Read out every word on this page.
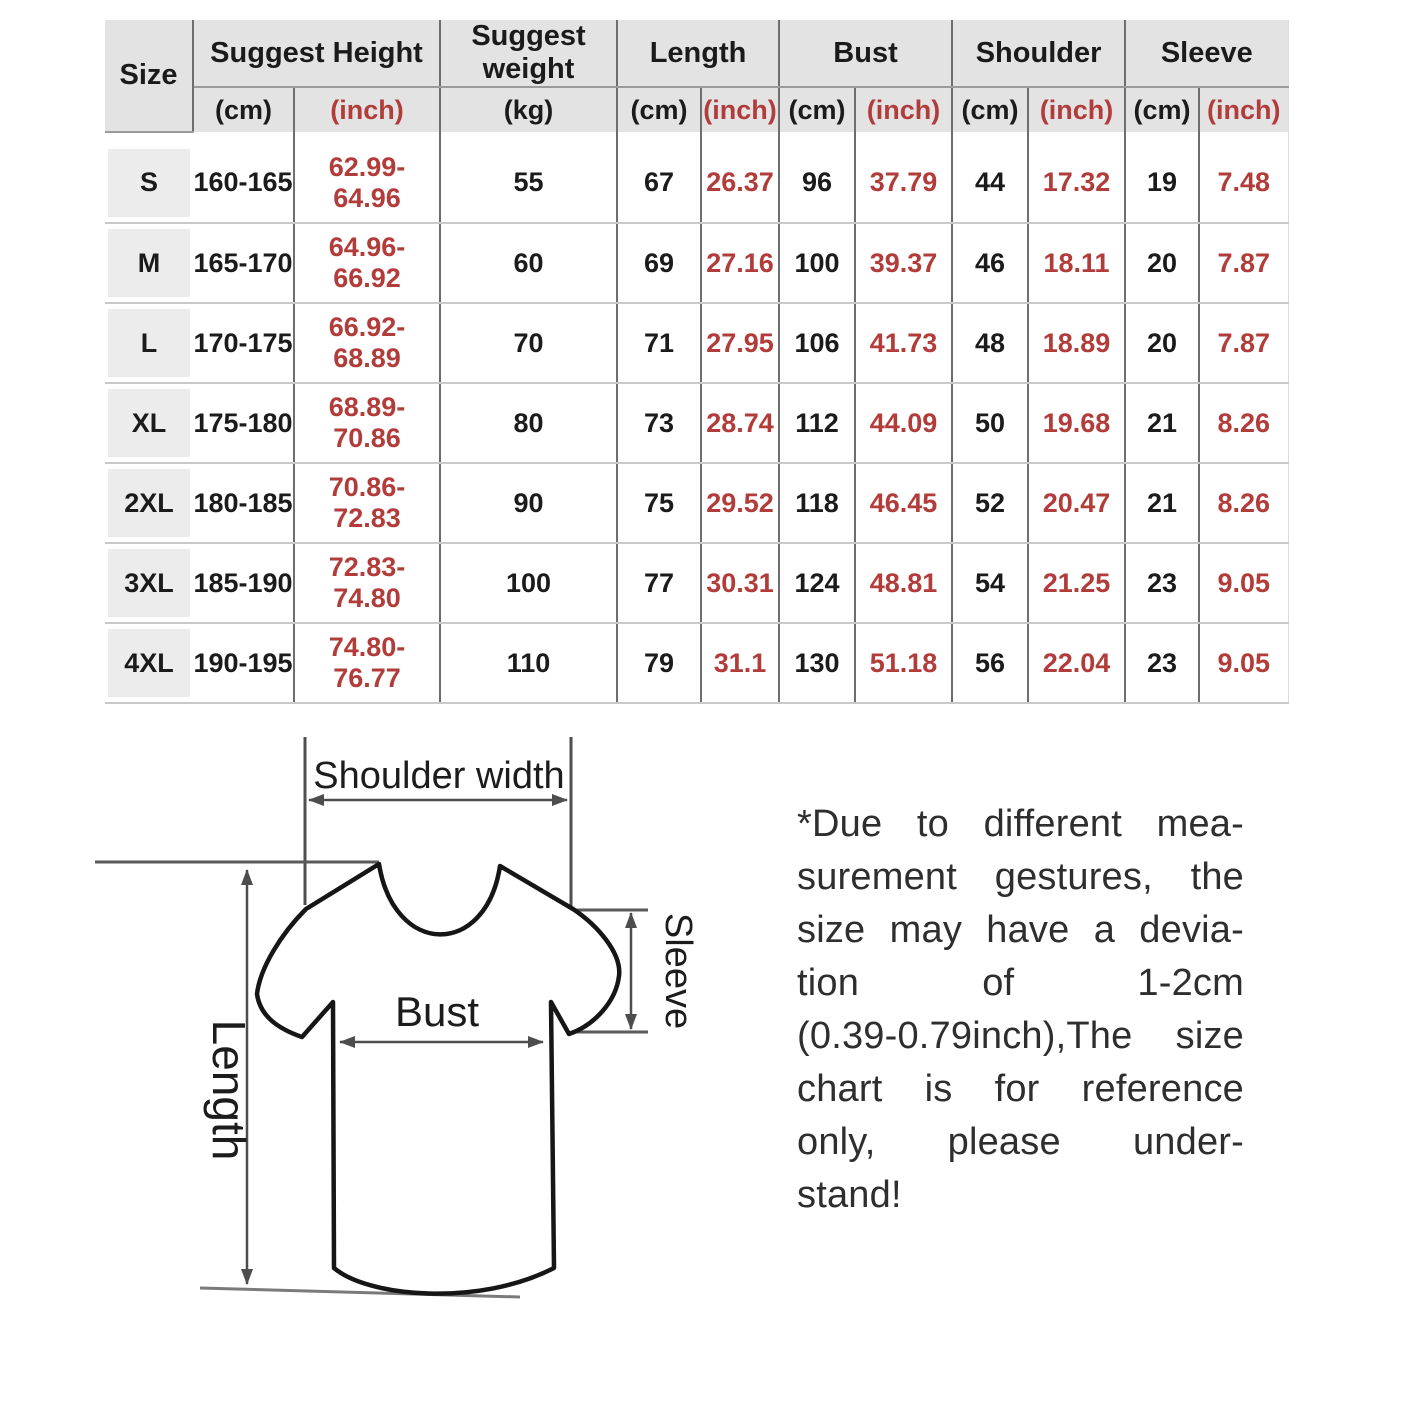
Size	Suggest Height		Suggest weight	Length		Bust		Shoulder		Sleeve	
	(cm)	(inch)	(kg)	(cm)	(inch)	(cm)	(inch)	(cm)	(inch)	(cm)	(inch)

S	160-165	62.99-64.96	55	67	26.37	96	37.79	44	17.32	19	7.48

M	165-170	64.96-66.92	60	69	27.16	100	39.37	46	18.11	20	7.87

L	170-175	66.92-68.89	70	71	27.95	106	41.73	48	18.89	20	7.87

XL	175-180	68.89-70.86	80	73	28.74	112	44.09	50	19.68	21	8.26

2XL	180-185	70.86-72.83	90	75	29.52	118	46.45	52	20.47	21	8.26

3XL	185-190	72.83-74.80	100	77	30.31	124	48.81	54	21.25	23	9.05

4XL	190-195	74.80-76.77	110	79	31.1	130	51.18	56	22.04	23	9.05
Shoulder width
Sleeve
Bust
Length
*Due to different mea-
surement gestures, the
size may have a devia-
tion of 1-2cm
(0.39-0.79inch),The size
chart is for reference
only, please under-
stand!
